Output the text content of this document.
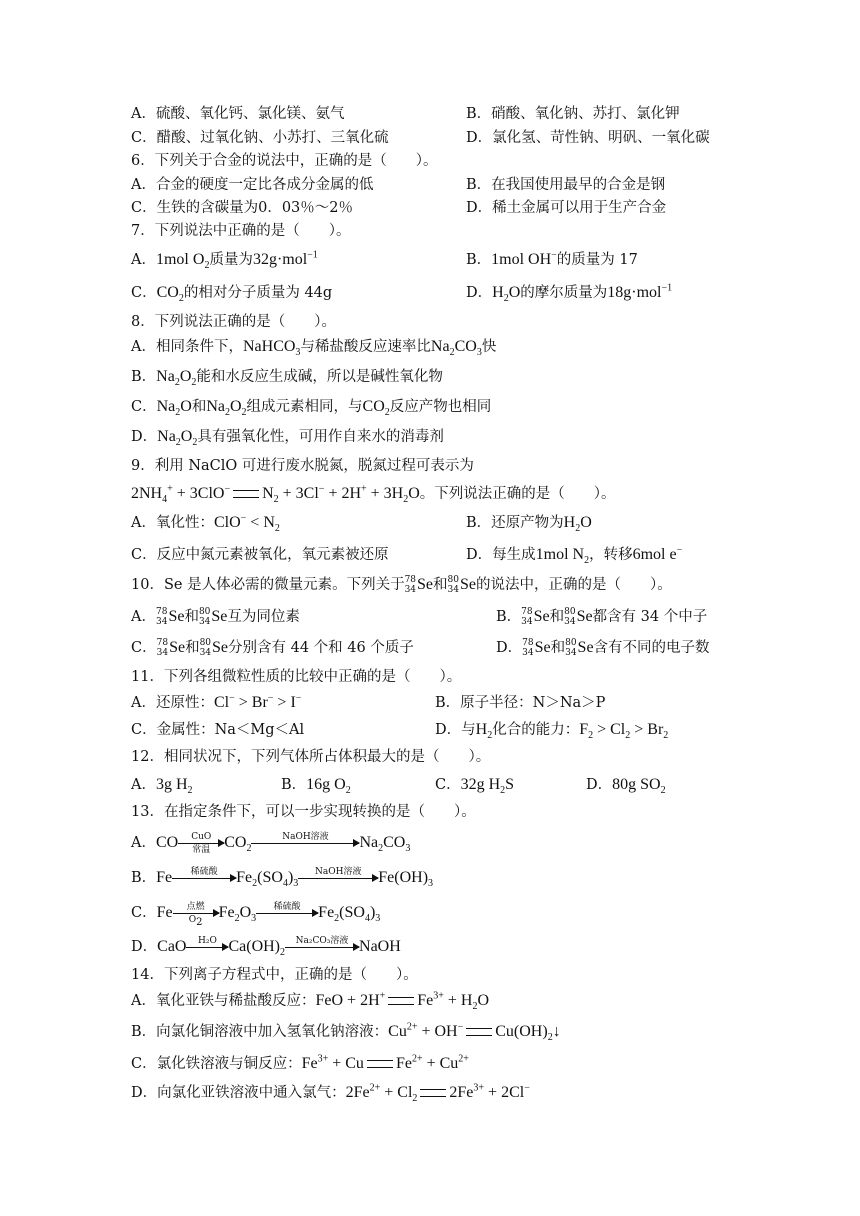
A．硫酸、氧化钙、氯化镁、氨气	B．硝酸、氧化钠、苏打、氯化钾
C．醋酸、过氧化钠、小苏打、三氧化硫	D．氯化氢、苛性钠、明矾、一氧化碳
6．下列关于合金的说法中，正确的是（　　）。
A．合金的硬度一定比各成分金属的低	B．在我国使用最早的合金是钢
C．生铁的含碳量为0．03％～2％	D．稀土金属可以用于生产合金
7．下列说法中正确的是（　　）。
A．1mol $O_2$质量为32g·mol$^{-1}$	B．1mol OH−的质量为 17
C．$CO_2$的相对分子质量为 44g	D．$H_2O$的摩尔质量为18g·mol$^{-1}$
8．下列说法正确的是（　　）。
A．相同条件下，NaHCO$_3$与稀盐酸反应速率比$Na_2CO_3$快
B．$Na_2O_2$能和水反应生成碱，所以是碱性氧化物
C．$Na_2O$和$Na_2O_2$组成元素相同，与$CO_2$反应产物也相同
D．$Na_2O_2$具有强氧化性，可用作自来水的消毒剂
9．利用 NaClO 可进行废水脱氮，脱氮过程可表示为
$2NH_4^+ + 3ClO^-$ $N_2 + 3Cl^- + 2H^+ + 3H_2O$。下列说法正确的是（　　）。
A．氧化性：$ClO^- < N_2$	B．还原产物为$H_2O$
C．反应中氮元素被氧化，氧元素被还原	D．每生成1mol $N_2$，转移6mol e−
10．Se 是人体必需的微量元素。下列关于 78
34 Se和 80
34 Se的说法中，正确的是（　　）。
A． 78
34 Se和 80
34 Se互为同位素	B． 78
34 Se和 80
34 Se都含有 34 个中子
C． 78
34 Se和 80
34 Se分别含有 44 个和 46 个质子	D． 78
34 Se和 80
34 Se含有不同的电子数
11．下列各组微粒性质的比较中正确的是（　　）。
A．还原性：Cl− > Br− > I−	B．原子半径：N＞Na＞P
C．金属性：Na＜Mg＜Al	D．与$H_2$化合的能力：$F_2 > Cl_2 > Br_2$
12．相同状况下，下列气体所占体积最大的是（　　）。
A．3g $H_2$	B．16g $O_2$	C．32g $H_2S$	D．80g $SO_2$
13．在指定条件下，可以一步实现转换的是（　　）。
A．CO	CuO
常温 $CO_2$
NaOH溶液	$Na_2CO_3$
B．Fe	稀硫酸	$Fe_2(SO_4)_3$
NaOH溶液	$Fe(OH)_3$
C．Fe	点燃
$O_2$
$Fe_2O_3$
稀硫酸	$Fe_2(SO_4)_3$
D．CaO	H₂O $Ca(OH)_2$
Na₂CO₃溶液 NaOH
14．下列离子方程式中，正确的是（　　）。
A．氧化亚铁与稀盐酸反应：FeO + 2H+ $Fe^{3+} + H_2O$
B．向氯化铜溶液中加入氢氧化钠溶液：$Cu^{2+} + OH^-$ $Cu(OH)_2↓$
C．氯化铁溶液与铜反应：$Fe^{3+} + Cu$ $Fe^{2+} + Cu^{2+}$
D．向氯化亚铁溶液中通入氯气：$2Fe^{2+} + Cl_2$ $2Fe^{3+} + 2Cl^-$
